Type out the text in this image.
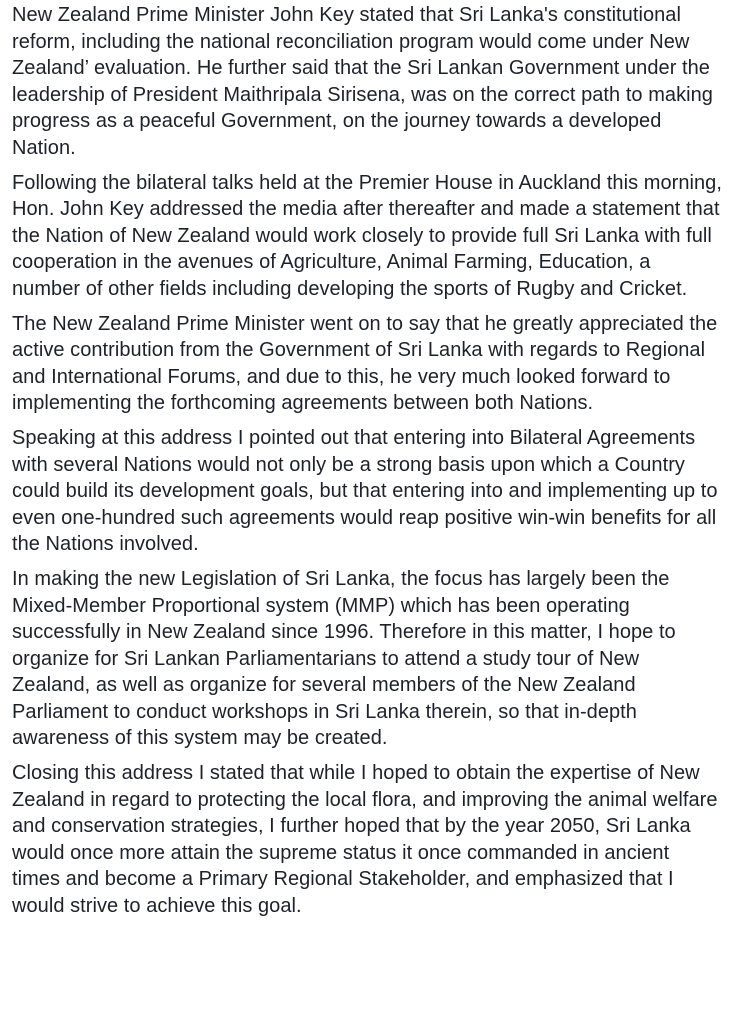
New Zealand Prime Minister John Key stated that Sri Lanka's constitutional reform, including the national reconciliation program would come under New Zealand’ evaluation. He further said that the Sri Lankan Government under the leadership of President Maithripala Sirisena, was on the correct path to making progress as a peaceful Government, on the journey towards a developed Nation.

Following the bilateral talks held at the Premier House in Auckland this morning, Hon. John Key addressed the media after thereafter and made a statement that the Nation of New Zealand would work closely to provide full Sri Lanka with full cooperation in the avenues of Agriculture, Animal Farming, Education, a number of other fields including developing the sports of Rugby and Cricket.

The New Zealand Prime Minister went on to say that he greatly appreciated the active contribution from the Government of Sri Lanka with regards to Regional and International Forums, and due to this, he very much looked forward to implementing the forthcoming agreements between both Nations.

Speaking at this address I pointed out that entering into Bilateral Agreements with several Nations would not only be a strong basis upon which a Country could build its development goals, but that entering into and implementing up to even one-hundred such agreements would reap positive win-win benefits for all the Nations involved.

In making the new Legislation of Sri Lanka, the focus has largely been the Mixed-Member Proportional system (MMP) which has been operating successfully in New Zealand since 1996. Therefore in this matter, I hope to organize for Sri Lankan Parliamentarians to attend a study tour of New Zealand, as well as organize for several members of the New Zealand Parliament to conduct workshops in Sri Lanka therein, so that in-depth awareness of this system may be created.

Closing this address I stated that while I hoped to obtain the expertise of New Zealand in regard to protecting the local flora, and improving the animal welfare and conservation strategies, I further hoped that by the year 2050, Sri Lanka would once more attain the supreme status it once commanded in ancient times and become a Primary Regional Stakeholder, and emphasized that I would strive to achieve this goal.
